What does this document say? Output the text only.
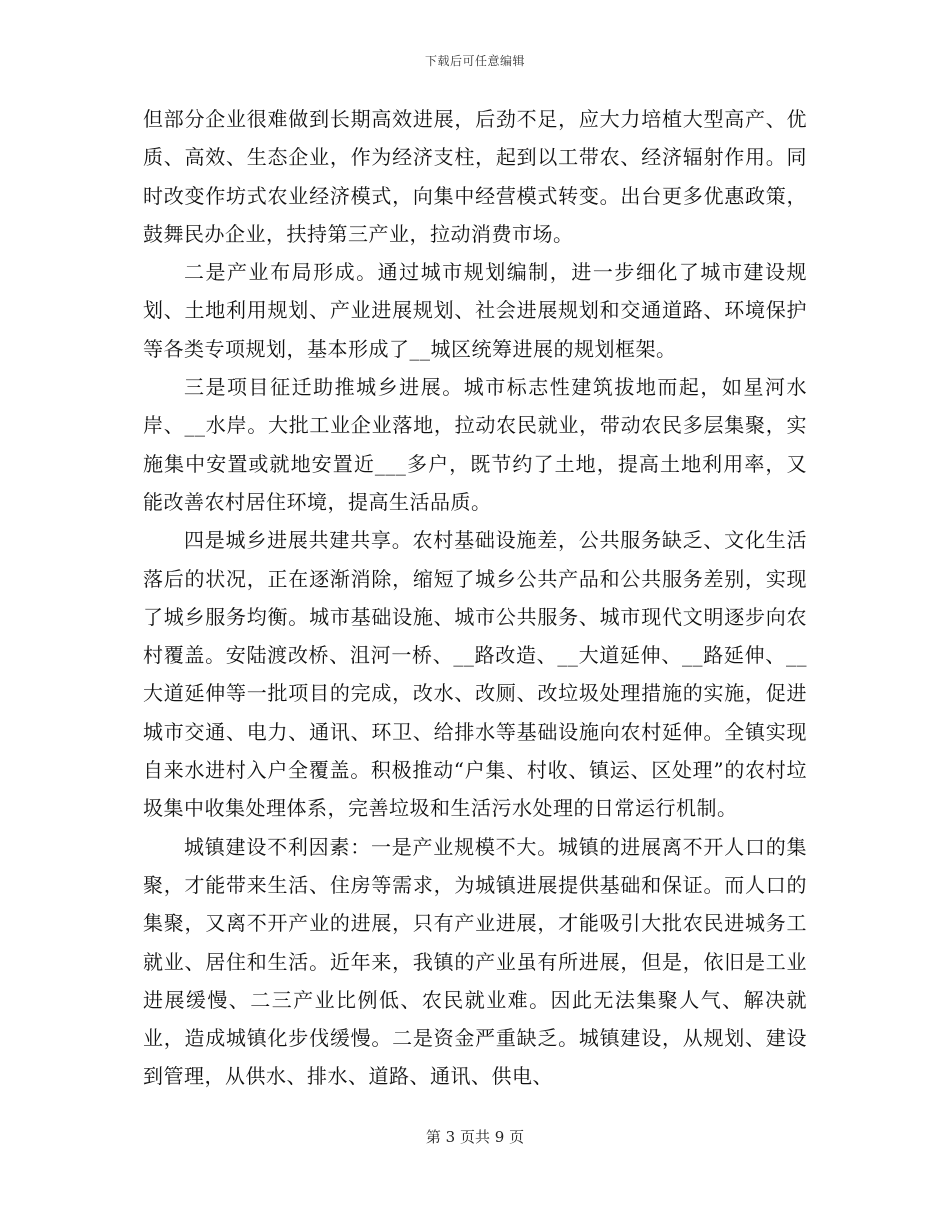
下载后可任意编辑

但部分企业很难做到长期高效进展，后劲不足，应大力培植大型高产、优质、高效、生态企业，作为经济支柱，起到以工带农、经济辐射作用。同时改变作坊式农业经济模式，向集中经营模式转变。出台更多优惠政策，鼓舞民办企业，扶持第三产业，拉动消费市场。

二是产业布局形成。通过城市规划编制，进一步细化了城市建设规划、土地利用规划、产业进展规划、社会进展规划和交通道路、环境保护等各类专项规划，基本形成了__城区统筹进展的规划框架。

三是项目征迁助推城乡进展。城市标志性建筑拔地而起，如星河水岸、__水岸。大批工业企业落地，拉动农民就业，带动农民多层集聚，实施集中安置或就地安置近___多户，既节约了土地，提高土地利用率，又能改善农村居住环境，提高生活品质。

四是城乡进展共建共享。农村基础设施差，公共服务缺乏、文化生活落后的状况，正在逐渐消除，缩短了城乡公共产品和公共服务差别，实现了城乡服务均衡。城市基础设施、城市公共服务、城市现代文明逐步向农村覆盖。安陆渡改桥、沮河一桥、__路改造、__大道延伸、__路延伸、__大道延伸等一批项目的完成，改水、改厕、改垃圾处理措施的实施，促进城市交通、电力、通讯、环卫、给排水等基础设施向农村延伸。全镇实现自来水进村入户全覆盖。积极推动“户集、村收、镇运、区处理”的农村垃圾集中收集处理体系，完善垃圾和生活污水处理的日常运行机制。

城镇建设不利因素：一是产业规模不大。城镇的进展离不开人口的集聚，才能带来生活、住房等需求，为城镇进展提供基础和保证。而人口的集聚，又离不开产业的进展，只有产业进展，才能吸引大批农民进城务工就业、居住和生活。近年来，我镇的产业虽有所进展，但是，依旧是工业进展缓慢、二三产业比例低、农民就业难。因此无法集聚人气、解决就业，造成城镇化步伐缓慢。二是资金严重缺乏。城镇建设，从规划、建设到管理，从供水、排水、道路、通讯、供电、

第 3 页共 9 页
